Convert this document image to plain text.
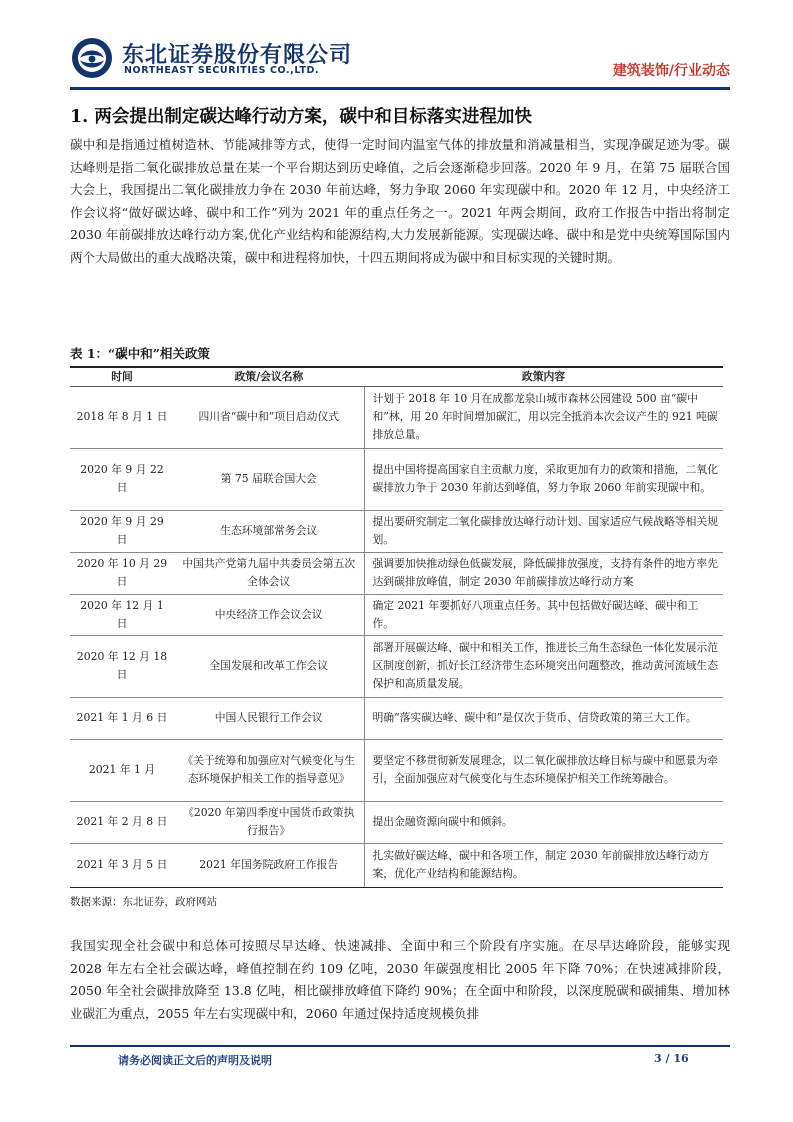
东北证券股份有限公司
NORTHEAST SECURITIES CO.,LTD.	建筑装饰/行业动态
1. 两会提出制定碳达峰行动方案，碳中和目标落实进程加快
碳中和是指通过植树造林、节能减排等方式，使得一定时间内温室气体的排放量和消减量相当，实现净碳足迹为零。碳达峰则是指二氧化碳排放总量在某一个平台期达到历史峰值，之后会逐渐稳步回落。2020 年 9 月，在第 75 届联合国大会上，我国提出二氧化碳排放力争在 2030 年前达峰，努力争取 2060 年实现碳中和。2020 年 12 月，中央经济工作会议将“做好碳达峰、碳中和工作”列为 2021 年的重点任务之一。2021 年两会期间，政府工作报告中指出将制定 2030 年前碳排放达峰行动方案,优化产业结构和能源结构,大力发展新能源。实现碳达峰、碳中和是党中央统筹国际国内两个大局做出的重大战略决策，碳中和进程将加快，十四五期间将成为碳中和目标实现的关键时期。
表 1：“碳中和”相关政策
时间	政策/会议名称	政策内容
2018 年 8 月 1 日	四川省“碳中和”项目启动仪式	计划于 2018 年 10 月在成都龙泉山城市森林公园建设 500 亩“碳中和”林，用 20 年时间增加碳汇，用以完全抵消本次会议产生的 921 吨碳排放总量。
2020 年 9 月 22 日	第 75 届联合国大会	提出中国将提高国家自主贡献力度，采取更加有力的政策和措施，二氧化碳排放力争于 2030 年前达到峰值，努力争取 2060 年前实现碳中和。
2020 年 9 月 29 日	生态环境部常务会议	提出要研究制定二氧化碳排放达峰行动计划、国家适应气候战略等相关规划。
2020 年 10 月 29 日	中国共产党第九届中共委员会第五次全体会议	强调要加快推动绿色低碳发展，降低碳排放强度，支持有条件的地方率先达到碳排放峰值，制定 2030 年前碳排放达峰行动方案
2020 年 12 月 1 日	中央经济工作会议会议	确定 2021 年要抓好八项重点任务。其中包括做好碳达峰、碳中和工作。
2020 年 12 月 18 日	全国发展和改革工作会议	部署开展碳达峰、碳中和相关工作，推进长三角生态绿色一体化发展示范区制度创新，抓好长江经济带生态环境突出问题整改，推动黄河流域生态保护和高质量发展。
2021 年 1 月 6 日	中国人民银行工作会议	明确“落实碳达峰、碳中和”是仅次于货币、信贷政策的第三大工作。
2021 年 1 月	《关于统筹和加强应对气候变化与生态环境保护相关工作的指导意见》	要坚定不移贯彻新发展理念，以二氧化碳排放达峰目标与碳中和愿景为牵引，全面加强应对气候变化与生态环境保护相关工作统筹融合。
2021 年 2 月 8 日	《2020 年第四季度中国货币政策执行报告》	提出金融资源向碳中和倾斜。
2021 年 3 月 5 日	2021 年国务院政府工作报告	扎实做好碳达峰、碳中和各项工作，制定 2030 年前碳排放达峰行动方案，优化产业结构和能源结构。
数据来源：东北证券，政府网站
我国实现全社会碳中和总体可按照尽早达峰、快速减排、全面中和三个阶段有序实施。在尽早达峰阶段，能够实现 2028 年左右全社会碳达峰，峰值控制在约 109 亿吨，2030 年碳强度相比 2005 年下降 70%；在快速减排阶段，2050 年全社会碳排放降至 13.8 亿吨，相比碳排放峰值下降约 90%；在全面中和阶段，以深度脱碳和碳捕集、增加林业碳汇为重点，2055 年左右实现碳中和，2060 年通过保持适度规模负排
请务必阅读正文后的声明及说明	3 / 16
